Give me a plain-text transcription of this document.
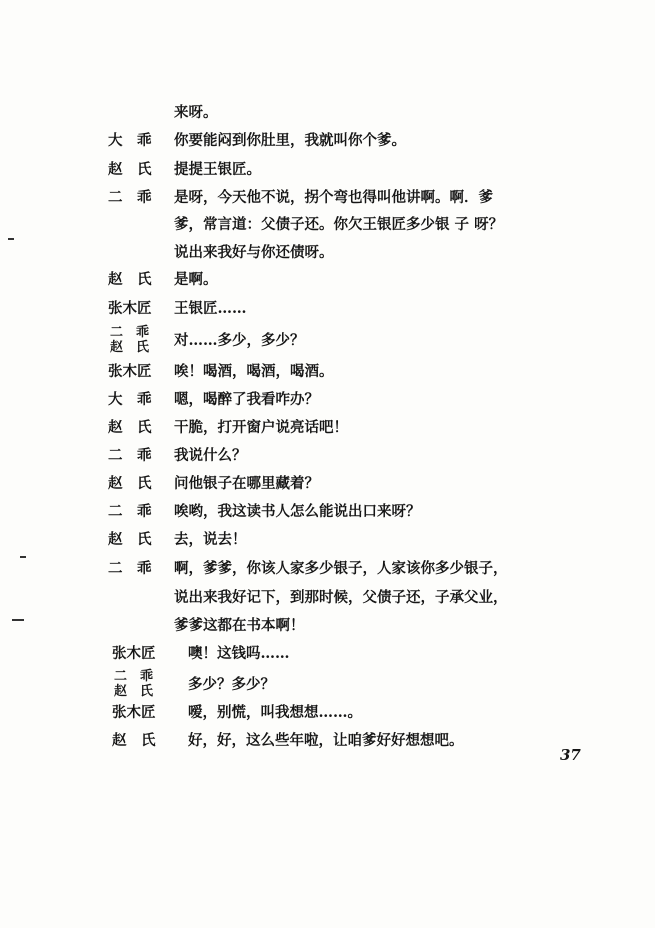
来呀。
大　乖 你要能闷到你肚里，我就叫你个爹。
赵　氏 提提王银匠。
二　乖 是呀，今天他不说，拐个弯也得叫他讲啊。啊．爹
爹，常言道：父债子还。你欠王银匠多少银 子 呀？
说出来我好与你还债呀。
赵　氏 是啊。
张木匠 王银匠……
二　乖
赵　氏 对……多少，多少？
张木匠 唉！喝酒，喝酒，喝酒。
大　乖 嗯，喝醉了我看咋办？
赵　氏 干脆，打开窗户说亮话吧！
二　乖 我说什么？
赵　氏 问他银子在哪里藏着？
二　乖 唉哟，我这读书人怎么能说出口来呀？
赵　氏 去，说去！
二　乖 啊，爹爹，你该人家多少银子，人家该你多少银子，
说出来我好记下，到那时候，父债子还，子承父业，
爹爹这都在书本啊！
张木匠 噢！这钱吗……
二　乖
赵　氏 多少？多少？
张木匠 嗳，别慌，叫我想想……。
赵　氏 好，好，这么些年啦，让咱爹好好想想吧。
37
